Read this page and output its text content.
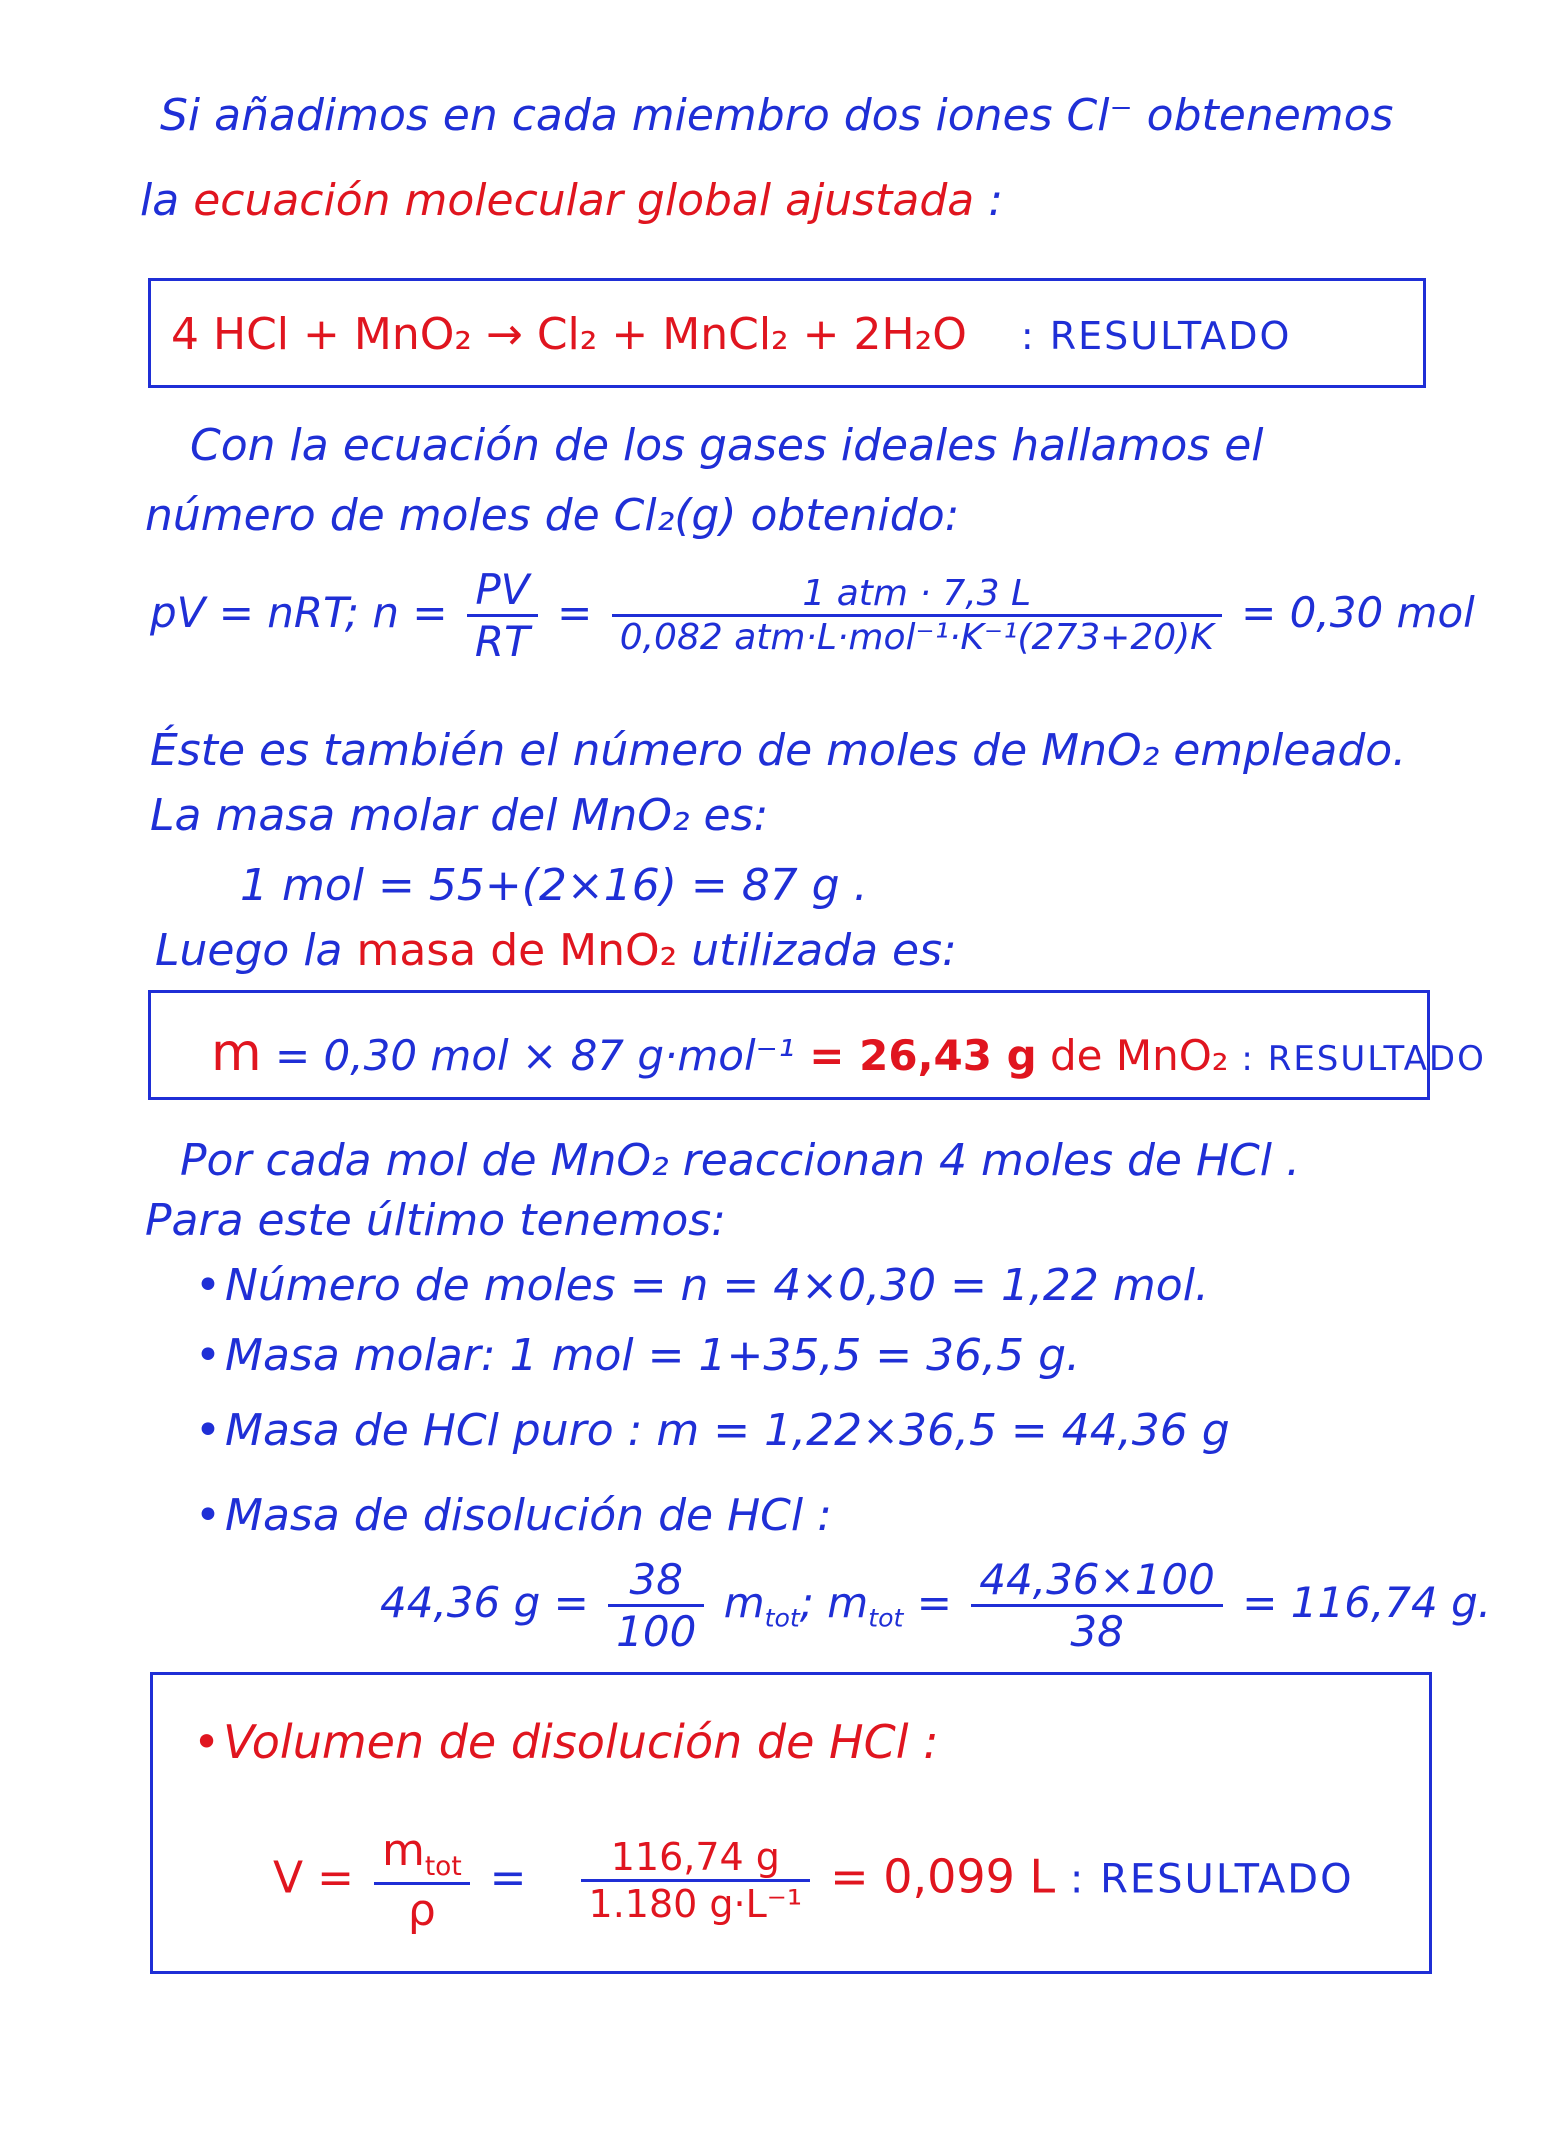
Si añadimos en cada miembro dos iones Cl⁻ obtenemos
la ecuación molecular global ajustada :
4 HCl + MnO₂ → Cl₂ + MnCl₂ + 2H₂O : RESULTADO
Con la ecuación de los gases ideales hallamos el
número de moles de Cl₂(g) obtenido:
pV = nRT; $n = \frac{PV}{RT} = \frac{\text{1 atm · 7,3 L}}{\text{0,082 atm·L·mol⁻¹·K⁻¹(273+20)K}} = 0,30$ mol
Éste es también el número de moles de MnO₂ empleado.
La masa molar del MnO₂ es:
1 mol = 55+(2×16) = 87 g .
Luego la masa de MnO₂ utilizada es:
m = 0,30 mol × 87 g·mol⁻¹ = 26,43 g de MnO₂ : RESULTADO
Por cada mol de MnO₂ reaccionan 4 moles de HCl .
Para este último tenemos:
•Número de moles = n = 4×0,30 = 1,22 mol.
•Masa molar: 1 mol = 1+35,5 = 36,5 g.
•Masa de HCl puro : m = 1,22×36,5 = 44,36 g
•Masa de disolución de HCl :
44,36 $g = \frac{38}{100} m_{tot}$; $m_{tot} = \frac{44,36\times 100}{38} = 116,74$ g.
•Volumen de disolución de HCl :
$V = \frac{m_{tot}}{\rho} = \frac{116,74 g}{\text{1.180 g·L⁻¹}} = 0,099$ L : RESULTADO
